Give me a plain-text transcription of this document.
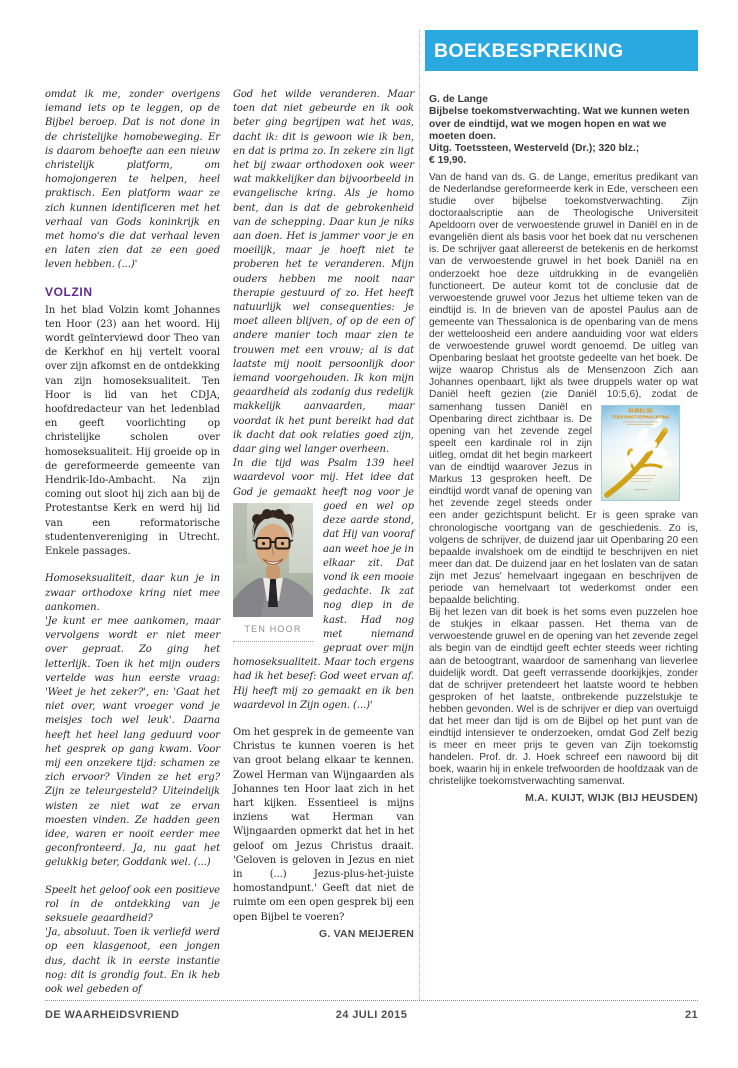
omdat ik me, zonder overigens iemand iets op te leggen, op de Bijbel beroep. Dat is not done in de christelijke homobeweging. Er is daarom behoefte aan een nieuw christelijk platform, om homojongeren te helpen, heel praktisch. Een platform waar ze zich kunnen identificeren met het verhaal van Gods koninkrijk en met homo's die dat verhaal leven en laten zien dat ze een goed leven hebben. (...)'

VOLZIN

In het blad Volzin komt Johannes ten Hoor (23) aan het woord. Hij wordt geïnterviewd door Theo van de Kerkhof en hij vertelt vooral over zijn afkomst en de ontdekking van zijn homoseksualiteit. Ten Hoor is lid van het CDJA, hoofdredacteur van het ledenblad en geeft voorlichting op christelijke scholen over homoseksualiteit. Hij groeide op in de gereformeerde gemeente van Hendrik-Ido-Ambacht. Na zijn coming out sloot hij zich aan bij de Protestantse Kerk en werd hij lid van een reformatorische studentenvereniging in Utrecht. Enkele passages.

Homoseksualiteit, daar kun je in zwaar orthodoxe kring niet mee aankomen.

'Je kunt er mee aankomen, maar vervolgens wordt er niet meer over gepraat. Zo ging het letterlijk. Toen ik het mijn ouders vertelde was hun eerste vraag: 'Weet je het zeker?', en: 'Gaat het niet over, want vroeger vond je meisjes toch wel leuk'. Daarna heeft het heel lang geduurd voor het gesprek op gang kwam. Voor mij een onzekere tijd: schamen ze zich ervoor? Vinden ze het erg? Zijn ze teleurgesteld? Uiteindelijk wisten ze niet wat ze ervan moesten vinden. Ze hadden geen idee, waren er nooit eerder mee geconfronteerd. Ja, nu gaat het gelukkig beter, Goddank wel. (...)

Speelt het geloof ook een positieve rol in de ontdekking van je seksuele geaardheid?

'Ja, absoluut. Toen ik verliefd werd op een klasgenoot, een jongen dus, dacht ik in eerste instantie nog: dit is grondig fout. En ik heb ook wel gebeden of

God het wilde veranderen. Maar toen dat niet gebeurde en ik ook beter ging begrijpen wat het was, dacht ik: dit is gewoon wie ik ben, en dat is prima zo. In zekere zin ligt het bij zwaar orthodoxen ook weer wat makkelijker dan bijvoorbeeld in evangelische kring. Als je homo bent, dan is dat de gebrokenheid van de schepping. Daar kun je niks aan doen. Het is jammer voor je en moeilijk, maar je hoeft niet te proberen het te veranderen. Mijn ouders hebben me nooit naar therapie gestuurd of zo. Het heeft natuurlijk wel consequenties: je moet alleen blijven, of op de een of andere manier toch maar zien te trouwen met een vrouw; al is dat laatste mij nooit persoonlijk door iemand voorgehouden. Ik kon mijn geaardheid als zodanig dus redelijk makkelijk aanvaarden, maar voordat ik het punt bereikt had dat ik dacht dat ook relaties goed zijn, daar ging wel langer overheen.

In die tijd was Psalm 139 heel waardevol voor mij. Het idee dat God je gemaakt heeft nog voor je goed en wel
TEN HOOR
op deze aarde stond, dat Hij van vooraf aan weet hoe je in elkaar zit. Dat vond ik een mooie gedachte. Ik zat nog diep in de kast. Had nog met niemand gepraat over mijn homoseksualiteit. Maar toch ergens had ik het besef: God weet ervan af. Hij heeft mij zo gemaakt en ik ben waardevol in Zijn ogen. (...)'

Om het gesprek in de gemeente van Christus te kunnen voeren is het van groot belang elkaar te kennen. Zowel Herman van Wijngaarden als Johannes ten Hoor laat zich in het hart kijken. Essentieel is mijns inziens wat Herman van Wijngaarden opmerkt dat het in het geloof om Jezus Christus draait. 'Geloven is geloven in Jezus en niet in (...) Jezus-plus-het-juiste homostandpunt.' Geeft dat niet de ruimte om een open gesprek bij een open Bijbel te voeren?

G. VAN MEIJEREN

BOEKBESPREKING

G. de Lange

Bijbelse toekomstverwachting. Wat we kunnen weten over de eindtijd, wat we mogen hopen en wat we moeten doen.

Uitg. Toetssteen, Westerveld (Dr.); 320 blz.;

€ 19,90.

Van de hand van ds. G. de Lange, emeritus predikant van de Nederlandse gereformeerde kerk in Ede, verscheen een studie over bijbelse toekomstverwachting. Zijn doctoraalscriptie aan de Theologische Universiteit Apeldoorn over de verwoestende gruwel in Daniël en in de evangeliën dient als basis voor het boek dat nu verschenen is. De schrijver gaat allereerst de betekenis en de herkomst van de verwoestende gruwel in het boek Daniël na en onderzoekt hoe deze uitdrukking in de evangeliën functioneert. De auteur komt tot de conclusie dat de verwoestende gruwel voor Jezus het ultieme teken van de eindtijd is. In de brieven van de apostel Paulus aan de gemeente van Thessalonica is de openbaring van de mens der wetteloosheid een andere aanduiding voor wat elders de verwoestende gruwel wordt genoemd. De uitleg van Openbaring beslaat het grootste gedeelte van het boek. De wijze waarop Christus als de Mensenzoon Zich aan Johannes openbaart, lijkt als twee druppels water op wat Daniël heeft gezien (zie Daniël 10:5,6), zodat
BIJBELSE
TOEKOMSTVERWACHTING
de samenhang tussen Daniël en Openbaring direct zichtbaar is. De opening van het zevende zegel speelt een kardinale rol in zijn uitleg, omdat dit het begin markeert van de eindtijd waarover Jezus in Markus 13 gesproken heeft. De eindtijd wordt vanaf de opening van het zevende zegel steeds onder een ander gezichtspunt belicht. Er is geen sprake van chronologische voortgang van de geschiedenis. Zo is, volgens de schrijver, de duizend jaar uit Openbaring 20 een bepaalde invalshoek om de eindtijd te beschrijven en niet meer dan dat. De duizend jaar en het loslaten van de satan zijn met Jezus' hemelvaart ingegaan en beschrijven de periode van hemelvaart tot wederkomst onder een bepaalde belichting.

Bij het lezen van dit boek is het soms even puzzelen hoe de stukjes in elkaar passen. Het thema van de verwoestende gruwel en de opening van het zevende zegel als begin van de eindtijd geeft echter steeds weer richting aan de betoogtrant, waardoor de samenhang van lieverlee duidelijk wordt. Dat geeft verrassende doorkijkjes, zonder dat de schrijver pretendeert het laatste woord te hebben gesproken of het laatste, ontbrekende puzzelstukje te hebben gevonden. Wel is de schrijver er diep van overtuigd dat het meer dan tijd is om de Bijbel op het punt van de eindtijd intensiever te onderzoeken, omdat God Zelf bezig is meer en meer prijs te geven van Zijn toekomstig handelen. Prof. dr. J. Hoek schreef een nawoord bij dit boek, waarin hij in enkele trefwoorden de hoofdzaak van de christelijke toekomstverwachting samenvat.

M.A. KUIJT, WIJK (BIJ HEUSDEN)

DE WAARHEIDSVRIEND	24 JULI 2015	21
